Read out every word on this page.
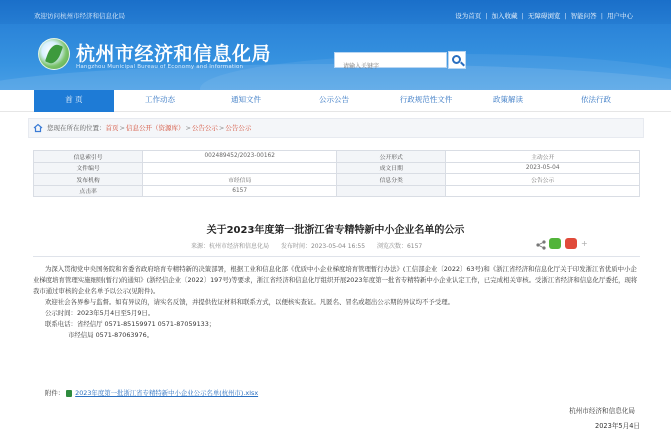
欢迎访问杭州市经济和信息化局	设为首页 | 加入收藏 | 无障碍浏览 | 智能问答 | 用户中心
杭州市经济和信息化局
Hangzhou Municipal Bureau of Economy and Information
请输入关键字
首 页	工作动态	通知文件	公示公告	行政规范性文件	政策解读	依法行政
您现在所在的位置：首页>信息公开（资源库）>公告公示>公告公示
信息索引号	002489452/2023-00162	公开形式	主动公开
文件编号		成文日期	2023-05-04
发布机构	市经信局	信息分类	公告公示
点击率	6157		
关于2023年度第一批浙江省专精特新中小企业名单的公示
来源：杭州市经济和信息化局 发布时间：2023-05-04 16:55 浏览次数：6157	+

为深入贯彻党中央国务院和省委省政府培育专精特新的决策部署，根据工业和信息化部《优质中小企业梯度培育管理暂行办法》(工信部企业〔2022〕63号)和《浙江省经济和信息化厅关于印发浙江省优质中小企业梯度培育管理实施细则(暂行)的通知》(浙经信企业〔2022〕197号)等要求，浙江省经济和信息化厅组织开展2023年度第一批省专精特新中小企业认定工作，已完成相关审核。受浙江省经济和信息化厅委托，现将我市通过审核的企业名单予以公示(见附件)。

欢迎社会各界参与监督。如有异议的，请实名反馈，并提供佐证材料和联系方式，以便核实查证。凡匿名、冒名或超出公示期的异议均不予受理。

公示时间：2023年5月4日至5月9日。

联系电话：省经信厅 0571-85159971 0571-87059133；

市经信局 0571-87063976。

附件： 2023年度第一批浙江省专精特新中小企业公示名单(杭州市).xlsx
杭州市经济和信息化局
2023年5月4日
